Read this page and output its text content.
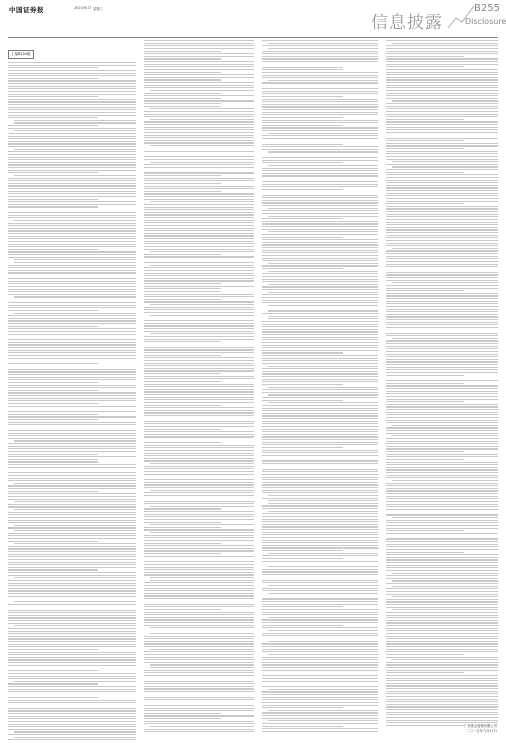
中国证券报	2015/9/17 星期三
信息披露
B255
Disclosure
上接B254版
广发基金管理有限公司
二〇一五年九月17日
